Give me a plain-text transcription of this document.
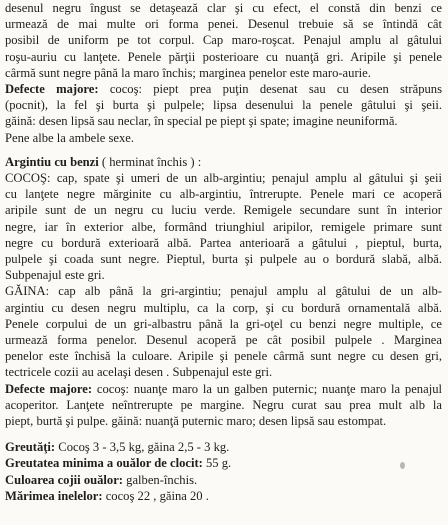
desenul negru îngust se detaşează clar şi cu efect, el constă din benzi ce
urmează de mai multe ori forma penei. Desenul trebuie să se întindă cât
posibil de uniform pe tot corpul. Cap maro-roşcat. Penajul amplu al gâtului
roşu-auriu cu lanţete. Penele părţii posterioare cu nuanţă gri. Aripile şi penele
cârmă sunt negre până la maro închis; marginea penelor este maro-aurie.

Defecte majore: cocoş: piept prea puţin desenat sau cu desen străpuns
(pocnit), la fel şi burta şi pulpele; lipsa desenului la penele gâtului şi şeii.
găină: desen lipsă sau neclar, în special pe piept şi spate; imagine neuniformă.
Pene albe la ambele sexe.

Argintiu cu benzi ( herminat închis ) :

COCOŞ: cap, spate şi umeri de un alb-argintiu; penajul amplu al gâtului şi şeii
cu lanţete negre mărginite cu alb-argintiu, întrerupte. Penele mari ce acoperă
aripile sunt de un negru cu luciu verde. Remigele secundare sunt în interior
negre, iar în exterior albe, formând triunghiul aripilor, remigele primare sunt
negre cu bordură exterioară albă. Partea anterioară a gâtului , pieptul, burta,
pulpele şi coada sunt negre. Pieptul, burta şi pulpele au o bordură slabă, albă.
Subpenajul este gri.

GĂINA: cap alb până la gri-argintiu; penajul amplu al gâtului de un alb-
argintiu cu desen negru multiplu, ca la corp, şi cu bordură ornamentală albă.
Penele corpului de un gri-albastru până la gri-oţel cu benzi negre multiple, ce
urmează forma penelor. Desenul acoperă pe cât posibil pulpele . Marginea
penelor este închisă la culoare. Aripile şi penele cârmă sunt negre cu desen gri,
tectricele cozii au acelaşi desen . Subpenajul este gri.

Defecte majore: cocoş: nuanţe maro la un galben puternic; nuanţe maro la penajul
acoperitor. Lanţete neîntrerupte pe margine. Negru curat sau prea mult alb la
piept, burtă şi pulpe. găină: nuanţă puternic maro; desen lipsă sau estompat.

Greutăţi: Cocoş 3 - 3,5 kg, găina 2,5 - 3 kg.
Greutatea minima a ouălor de clocit: 55 g.
Culoarea cojii ouălor: galben-închis.
Mărimea inelelor: cocoş 22 , găina 20 .
